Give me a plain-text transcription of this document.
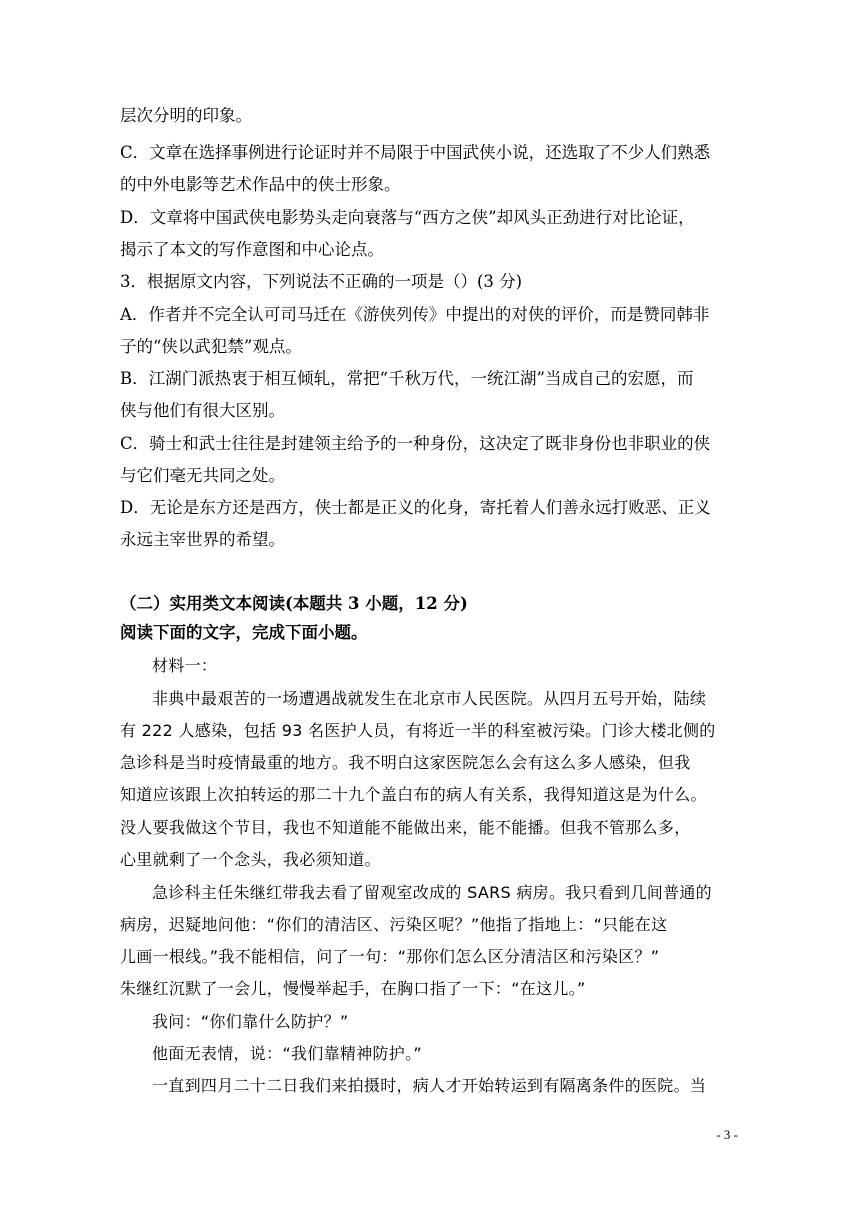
层次分明的印象。
C．文章在选择事例进行论证时并不局限于中国武侠小说，还选取了不少人们熟悉
的中外电影等艺术作品中的侠士形象。
D．文章将中国武侠电影势头走向衰落与“西方之侠”却风头正劲进行对比论证，
揭示了本文的写作意图和中心论点。
3．根据原文内容，下列说法不正确的一项是（）(3 分)
A．作者并不完全认可司马迁在《游侠列传》中提出的对侠的评价，而是赞同韩非
子的“侠以武犯禁”观点。
B．江湖门派热衷于相互倾轧，常把“千秋万代，一统江湖”当成自己的宏愿，而
侠与他们有很大区别。
C．骑士和武士往往是封建领主给予的一种身份，这决定了既非身份也非职业的侠
与它们毫无共同之处。
D．无论是东方还是西方，侠士都是正义的化身，寄托着人们善永远打败恶、正义
永远主宰世界的希望。
（二）实用类文本阅读(本题共 3 小题，12 分)
阅读下面的文字，完成下面小题。
材料一：
非典中最艰苦的一场遭遇战就发生在北京市人民医院。从四月五号开始，陆续
有 222 人感染，包括 93 名医护人员，有将近一半的科室被污染。门诊大楼北侧的
急诊科是当时疫情最重的地方。我不明白这家医院怎么会有这么多人感染，但我
知道应该跟上次拍转运的那二十九个盖白布的病人有关系，我得知道这是为什么。
没人要我做这个节目，我也不知道能不能做出来，能不能播。但我不管那么多，
心里就剩了一个念头，我必须知道。
急诊科主任朱继红带我去看了留观室改成的 SARS 病房。我只看到几间普通的
病房，迟疑地问他：“你们的清洁区、污染区呢？”他指了指地上：“只能在这
儿画一根线。”我不能相信，问了一句：“那你们怎么区分清洁区和污染区？”
朱继红沉默了一会儿，慢慢举起手，在胸口指了一下：“在这儿。”
我问：“你们靠什么防护？”
他面无表情，说：“我们靠精神防护。”
一直到四月二十二日我们来拍摄时，病人才开始转运到有隔离条件的医院。当
- 3 -
